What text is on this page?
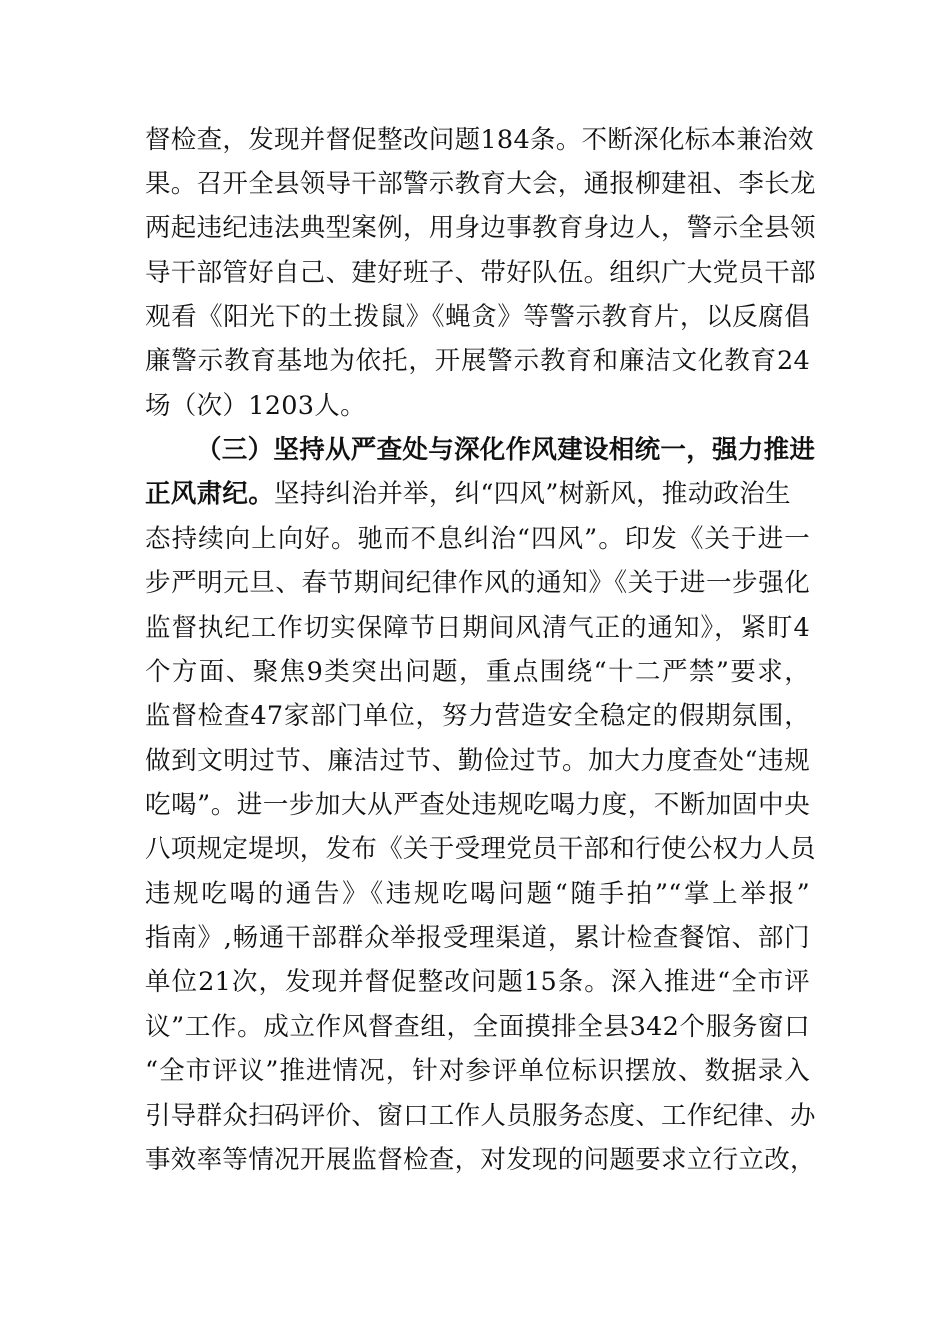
督检查，发现并督促整改问题184条。不断深化标本兼治效
果。召开全县领导干部警示教育大会，通报柳建祖、李长龙
两起违纪违法典型案例，用身边事教育身边人，警示全县领
导干部管好自己、建好班子、带好队伍。组织广大党员干部
观看《阳光下的土拨鼠》《蝇贪》等警示教育片，以反腐倡
廉警示教育基地为依托，开展警示教育和廉洁文化教育24
场（次）1203人。
（三）坚持从严查处与深化作风建设相统一，强力推进
正风肃纪。坚持纠治并举，纠“四风”树新风，推动政治生
态持续向上向好。驰而不息纠治“四风”。印发《关于进一
步严明元旦、春节期间纪律作风的通知》《关于进一步强化
监督执纪工作切实保障节日期间风清气正的通知》，紧盯4
个方面、聚焦9类突出问题，重点围绕“十二严禁”要求，
监督检查47家部门单位，努力营造安全稳定的假期氛围，
做到文明过节、廉洁过节、勤俭过节。加大力度查处“违规
吃喝”。进一步加大从严查处违规吃喝力度，不断加固中央
八项规定堤坝，发布《关于受理党员干部和行使公权力人员
违规吃喝的通告》《违规吃喝问题“随手拍”“掌上举报”
指南》,畅通干部群众举报受理渠道，累计检查餐馆、部门
单位21次，发现并督促整改问题15条。深入推进“全市评
议”工作。成立作风督查组，全面摸排全县342个服务窗口
“全市评议”推进情况，针对参评单位标识摆放、数据录入
引导群众扫码评价、窗口工作人员服务态度、工作纪律、办
事效率等情况开展监督检查，对发现的问题要求立行立改，
